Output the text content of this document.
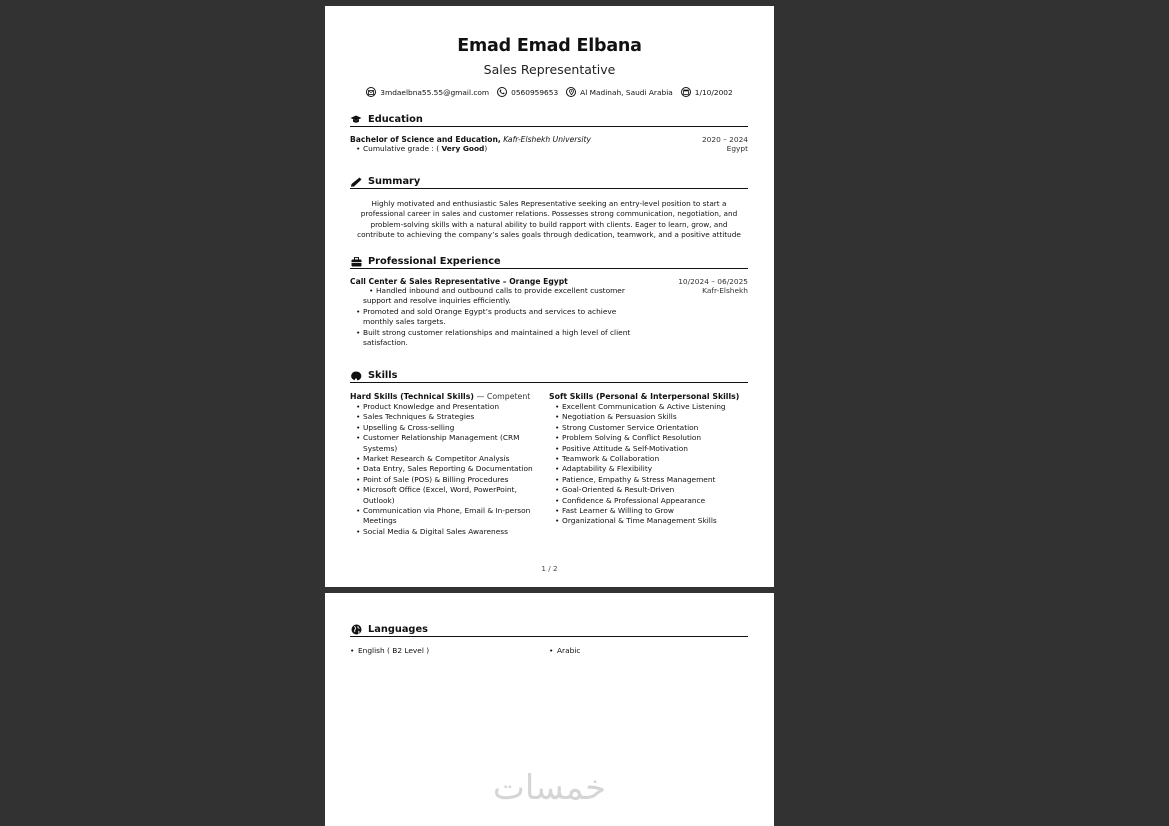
Emad Emad Elbana
Sales Representative
3mdaelbna55.55@gmail.com	0560959653	Al Madinah, Saudi Arabia	1/10/2002
Education
Bachelor of Science and Education, Kafr-Elshekh University	2020 – 2024
• Cumulative grade : ( Very Good)	Egypt
Summary
Highly motivated and enthusiastic Sales Representative seeking an entry-level position to start a professional career in sales and customer relations. Possesses strong communication, negotiation, and problem-solving skills with a natural ability to build rapport with clients. Eager to learn, grow, and contribute to achieving the company’s sales goals through dedication, teamwork, and a positive attitude
Professional Experience
Call Center & Sales Representative – Orange Egypt	10/2024 – 06/2025
• Handled inbound and outbound calls to provide excellent customer support and resolve inquiries efficiently.
• Promoted and sold Orange Egypt’s products and services to achieve monthly sales targets.
• Built strong customer relationships and maintained a high level of client satisfaction.
Kafr-Elshekh
Skills
Hard Skills (Technical Skills) — Competent
• Product Knowledge and Presentation
• Sales Techniques & Strategies
• Upselling & Cross-selling
• Customer Relationship Management (CRM Systems)
• Market Research & Competitor Analysis
• Data Entry, Sales Reporting & Documentation
• Point of Sale (POS) & Billing Procedures
• Microsoft Office (Excel, Word, PowerPoint, Outlook)
• Communication via Phone, Email & In-person Meetings
• Social Media & Digital Sales Awareness
Soft Skills (Personal & Interpersonal Skills)
• Excellent Communication & Active Listening
• Negotiation & Persuasion Skills
• Strong Customer Service Orientation
• Problem Solving & Conflict Resolution
• Positive Attitude & Self-Motivation
• Teamwork & Collaboration
• Adaptability & Flexibility
• Patience, Empathy & Stress Management
• Goal-Oriented & Result-Driven
• Confidence & Professional Appearance
• Fast Learner & Willing to Grow
• Organizational & Time Management Skills
1 / 2
Languages
• English ( B2 Level )
•	Arabic
خمسات
